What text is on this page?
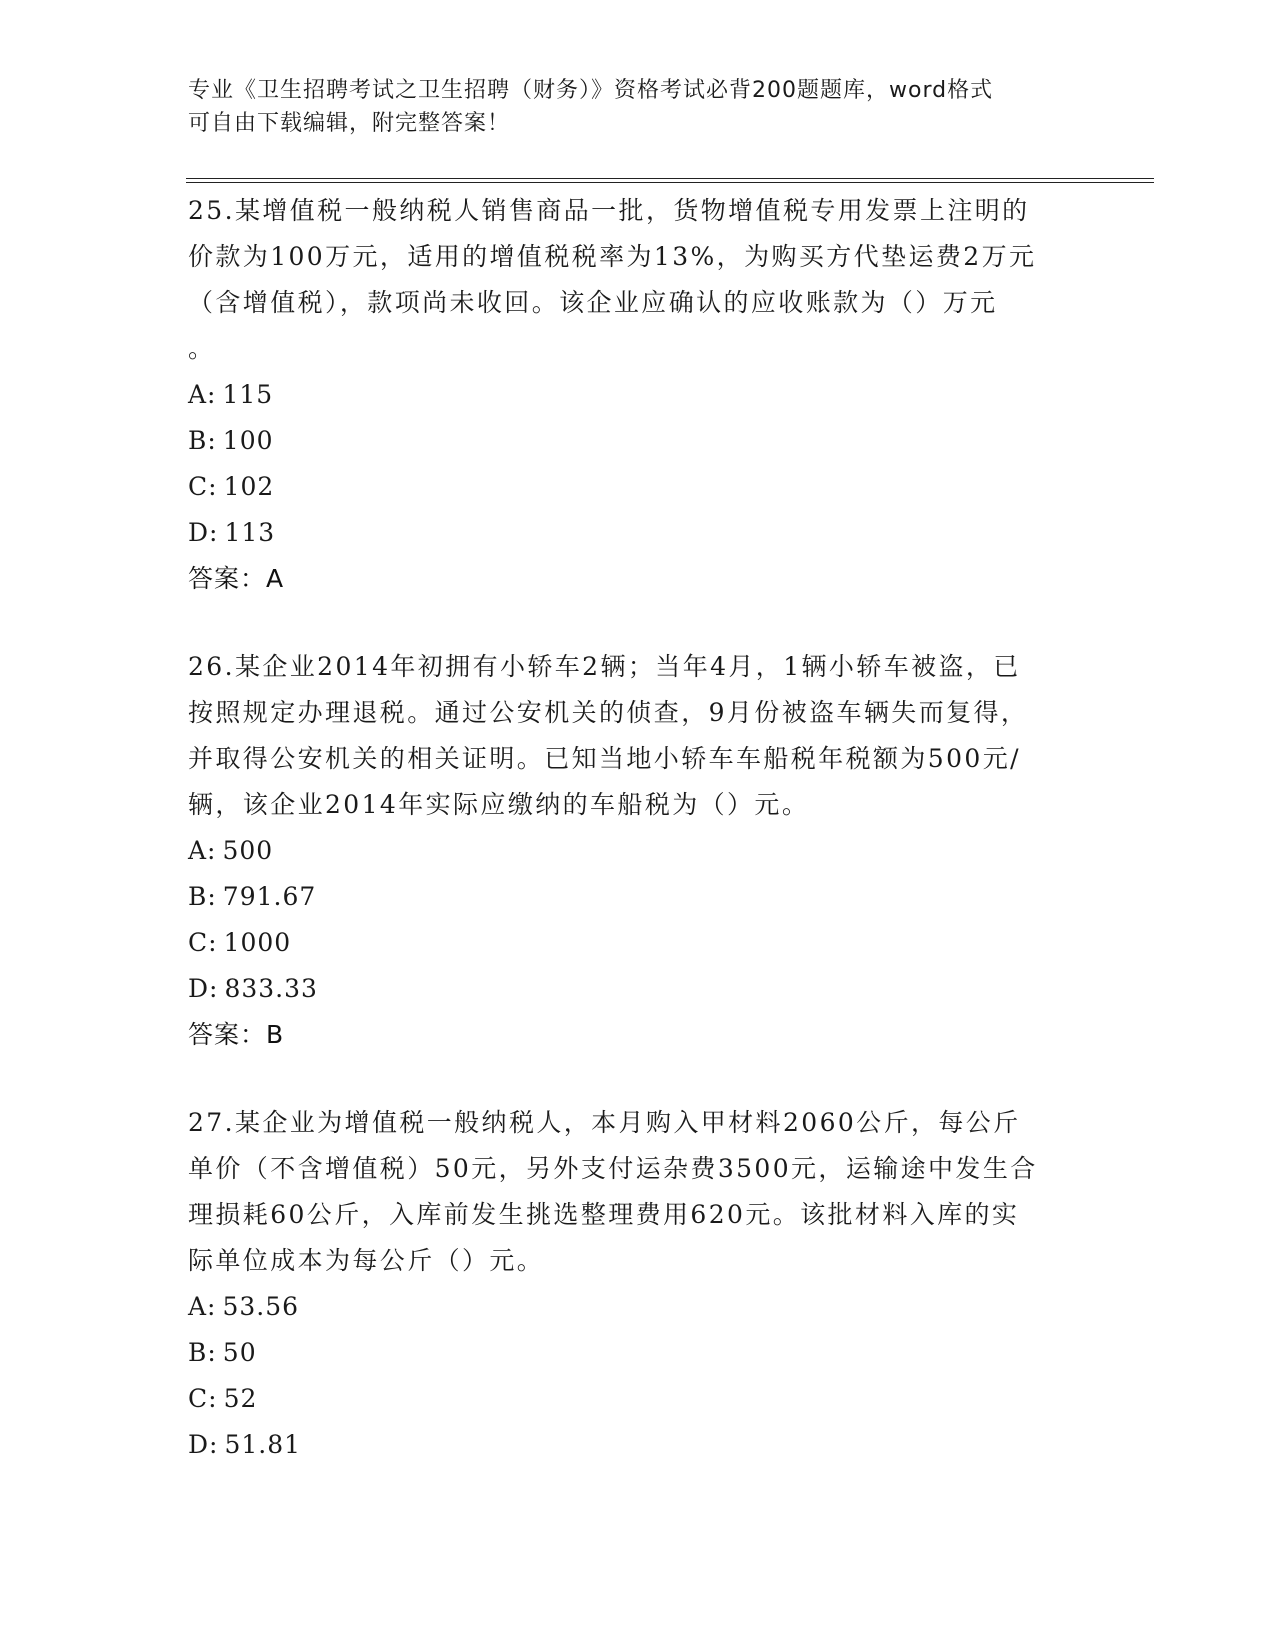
专业《卫生招聘考试之卫生招聘（财务）》资格考试必背200题题库，word格式
可自由下载编辑，附完整答案！
25.某增值税一般纳税人销售商品一批，货物增值税专用发票上注明的
价款为100万元，适用的增值税税率为13%，为购买方代垫运费2万元
（含增值税），款项尚未收回。该企业应确认的应收账款为（）万元
。
A: 115
B: 100
C: 102
D: 113
答案：A
26.某企业2014年初拥有小轿车2辆；当年4月，1辆小轿车被盗，已
按照规定办理退税。通过公安机关的侦查，9月份被盗车辆失而复得，
并取得公安机关的相关证明。已知当地小轿车车船税年税额为500元/
辆，该企业2014年实际应缴纳的车船税为（）元。
A: 500
B: 791.67
C: 1000
D: 833.33
答案：B
27.某企业为增值税一般纳税人，本月购入甲材料2060公斤，每公斤
单价（不含增值税）50元，另外支付运杂费3500元，运输途中发生合
理损耗60公斤，入库前发生挑选整理费用620元。该批材料入库的实
际单位成本为每公斤（）元。
A: 53.56
B: 50
C: 52
D: 51.81
